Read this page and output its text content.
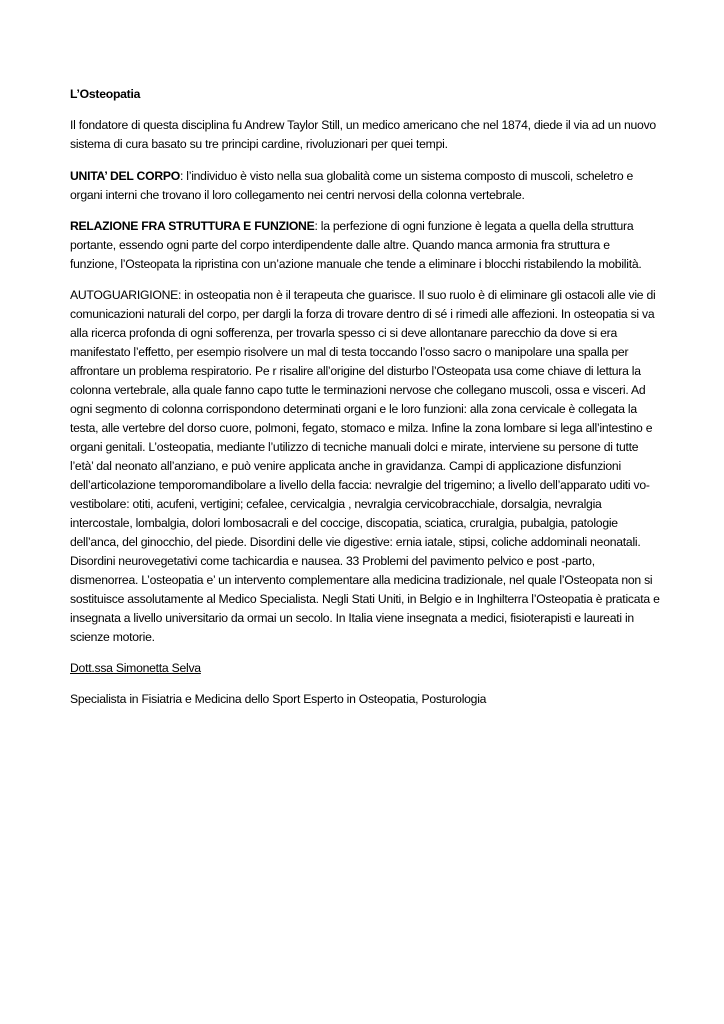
L’Osteopatia

Il fondatore di questa disciplina fu Andrew Taylor Still, un medico americano che nel 1874, diede il via ad un nuovo sistema di cura basato su tre principi cardine, rivoluzionari per quei tempi.

UNITA’ DEL CORPO: l’individuo è visto nella sua globalità come un sistema composto di muscoli, scheletro e organi interni che trovano il loro collegamento nei centri nervosi della colonna vertebrale.

RELAZIONE FRA STRUTTURA E FUNZIONE: la perfezione di ogni funzione è legata a quella della struttura portante, essendo ogni parte del corpo interdipendente dalle altre. Quando manca armonia fra struttura e funzione, l’Osteopata la ripristina con un’azione manuale che tende a eliminare i blocchi ristabilendo la mobilità.

AUTOGUARIGIONE: in osteopatia non è il terapeuta che guarisce. Il suo ruolo è di eliminare gli ostacoli alle vie di comunicazioni naturali del corpo, per dargli la forza di trovare dentro di sé i rimedi alle affezioni. In osteopatia si va alla ricerca profonda di ogni sofferenza, per trovarla spesso ci si deve allontanare parecchio da dove si era manifestato l’effetto, per esempio risolvere un mal di testa toccando l’osso sacro o manipolare una spalla per affrontare un problema respiratorio. Pe r risalire all’origine del disturbo l’Osteopata usa come chiave di lettura la colonna vertebrale, alla quale fanno capo tutte le terminazioni nervose che collegano muscoli, ossa e visceri. Ad ogni segmento di colonna corrispondono determinati organi e le loro funzioni: alla zona cervicale è collegata la testa, alle vertebre del dorso cuore, polmoni, fegato, stomaco e milza. Infine la zona lombare si lega all’intestino e organi genitali. L’osteopatia, mediante l’utilizzo di tecniche manuali dolci e mirate, interviene su persone di tutte l’età’ dal neonato all’anziano, e può venire applicata anche in gravidanza. Campi di applicazione disfunzioni dell’articolazione temporomandibolare a livello della faccia: nevralgie del trigemino; a livello dell’apparato uditi vo-vestibolare: otiti, acufeni, vertigini; cefalee, cervicalgia , nevralgia cervicobracchiale, dorsalgia, nevralgia intercostale, lombalgia, dolori lombosacrali e del coccige, discopatia, sciatica, cruralgia, pubalgia, patologie dell’anca, del ginocchio, del piede. Disordini delle vie digestive: ernia iatale, stipsi, coliche addominali neonatali. Disordini neurovegetativi come tachicardia e nausea. 33 Problemi del pavimento pelvico e post -parto, dismenorrea. L’osteopatia e’ un intervento complementare alla medicina tradizionale, nel quale l’Osteopata non si sostituisce assolutamente al Medico Specialista. Negli Stati Uniti, in Belgio e in Inghilterra l’Osteopatia è praticata e insegnata a livello universitario da ormai un secolo. In Italia viene insegnata a medici, fisioterapisti e laureati in scienze motorie.

Dott.ssa Simonetta Selva

Specialista in Fisiatria e Medicina dello Sport Esperto in Osteopatia, Posturologia
